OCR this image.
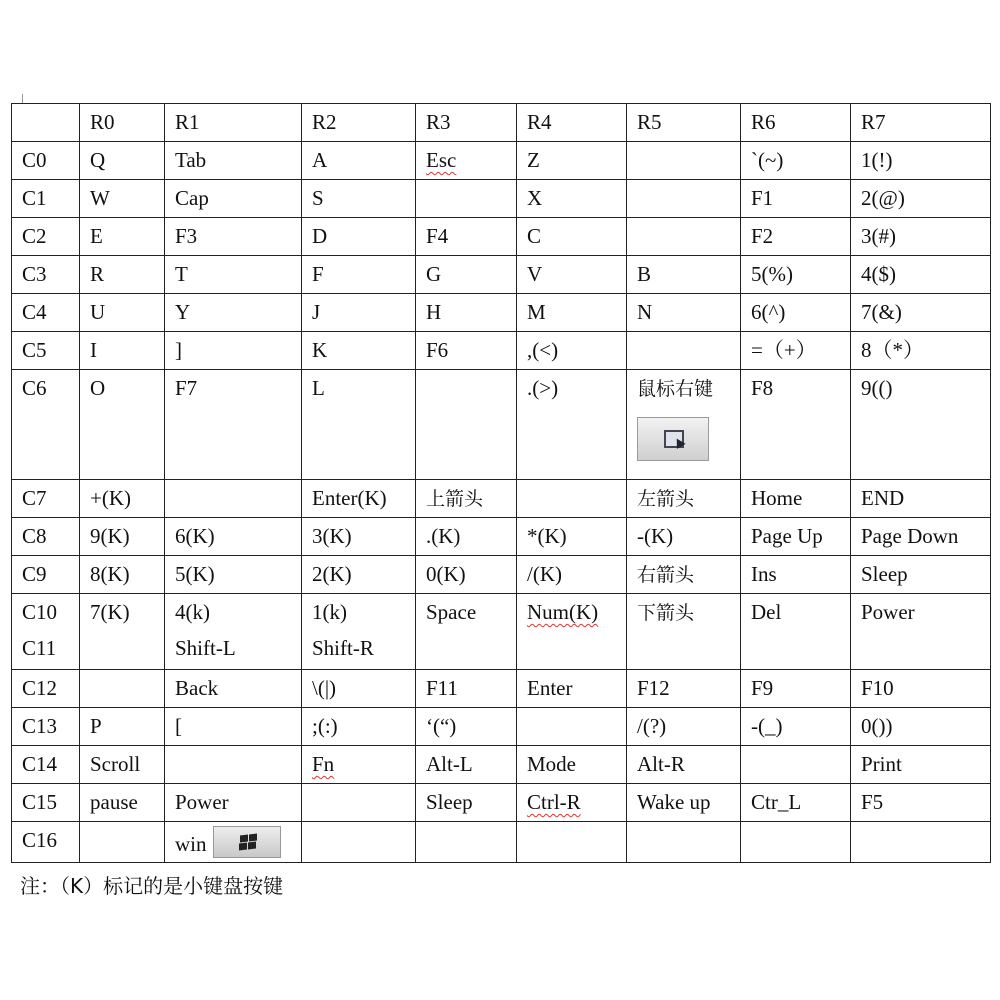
	R0	R1	R2	R3	R4	R5	R6	R7
C0	Q	Tab	A	Esc	Z		`(~)	1(!)
C1	W	Cap	S		X		F1	2(@)
C2	E	F3	D	F4	C		F2	3(#)
C3	R	T	F	G	V	B	5(%)	4($)
C4	U	Y	J	H	M	N	6(^)	7(&)
C5	I	]	K	F6	,(<)		=（+）	8（*）
C6	O	F7	L		.(>)	鼠标右键	F8	9(()
C7	+(K)		Enter(K)	上箭头		左箭头	Home	END
C8	9(K)	6(K)	3(K)	.(K)	*(K)	-(K)	Page Up	Page Down
C9	8(K)	5(K)	2(K)	0(K)	/(K)	右箭头	Ins	Sleep
C10	7(K)	4(k)	1(k)	Space	Num(K)	下箭头	Del	Power
C11		Shift-L	Shift-R					
C12		Back	\(|)	F11	Enter	F12	F9	F10
C13	P	[	;(:)	‘(“)		/(?)	-(_)	0())
C14	Scroll		Fn	Alt-L	Mode	Alt-R		Print
C15	pause	Power		Sleep	Ctrl-R	Wake up	Ctr_L	F5
C16		win

注：（K）标记的是小键盘按键
